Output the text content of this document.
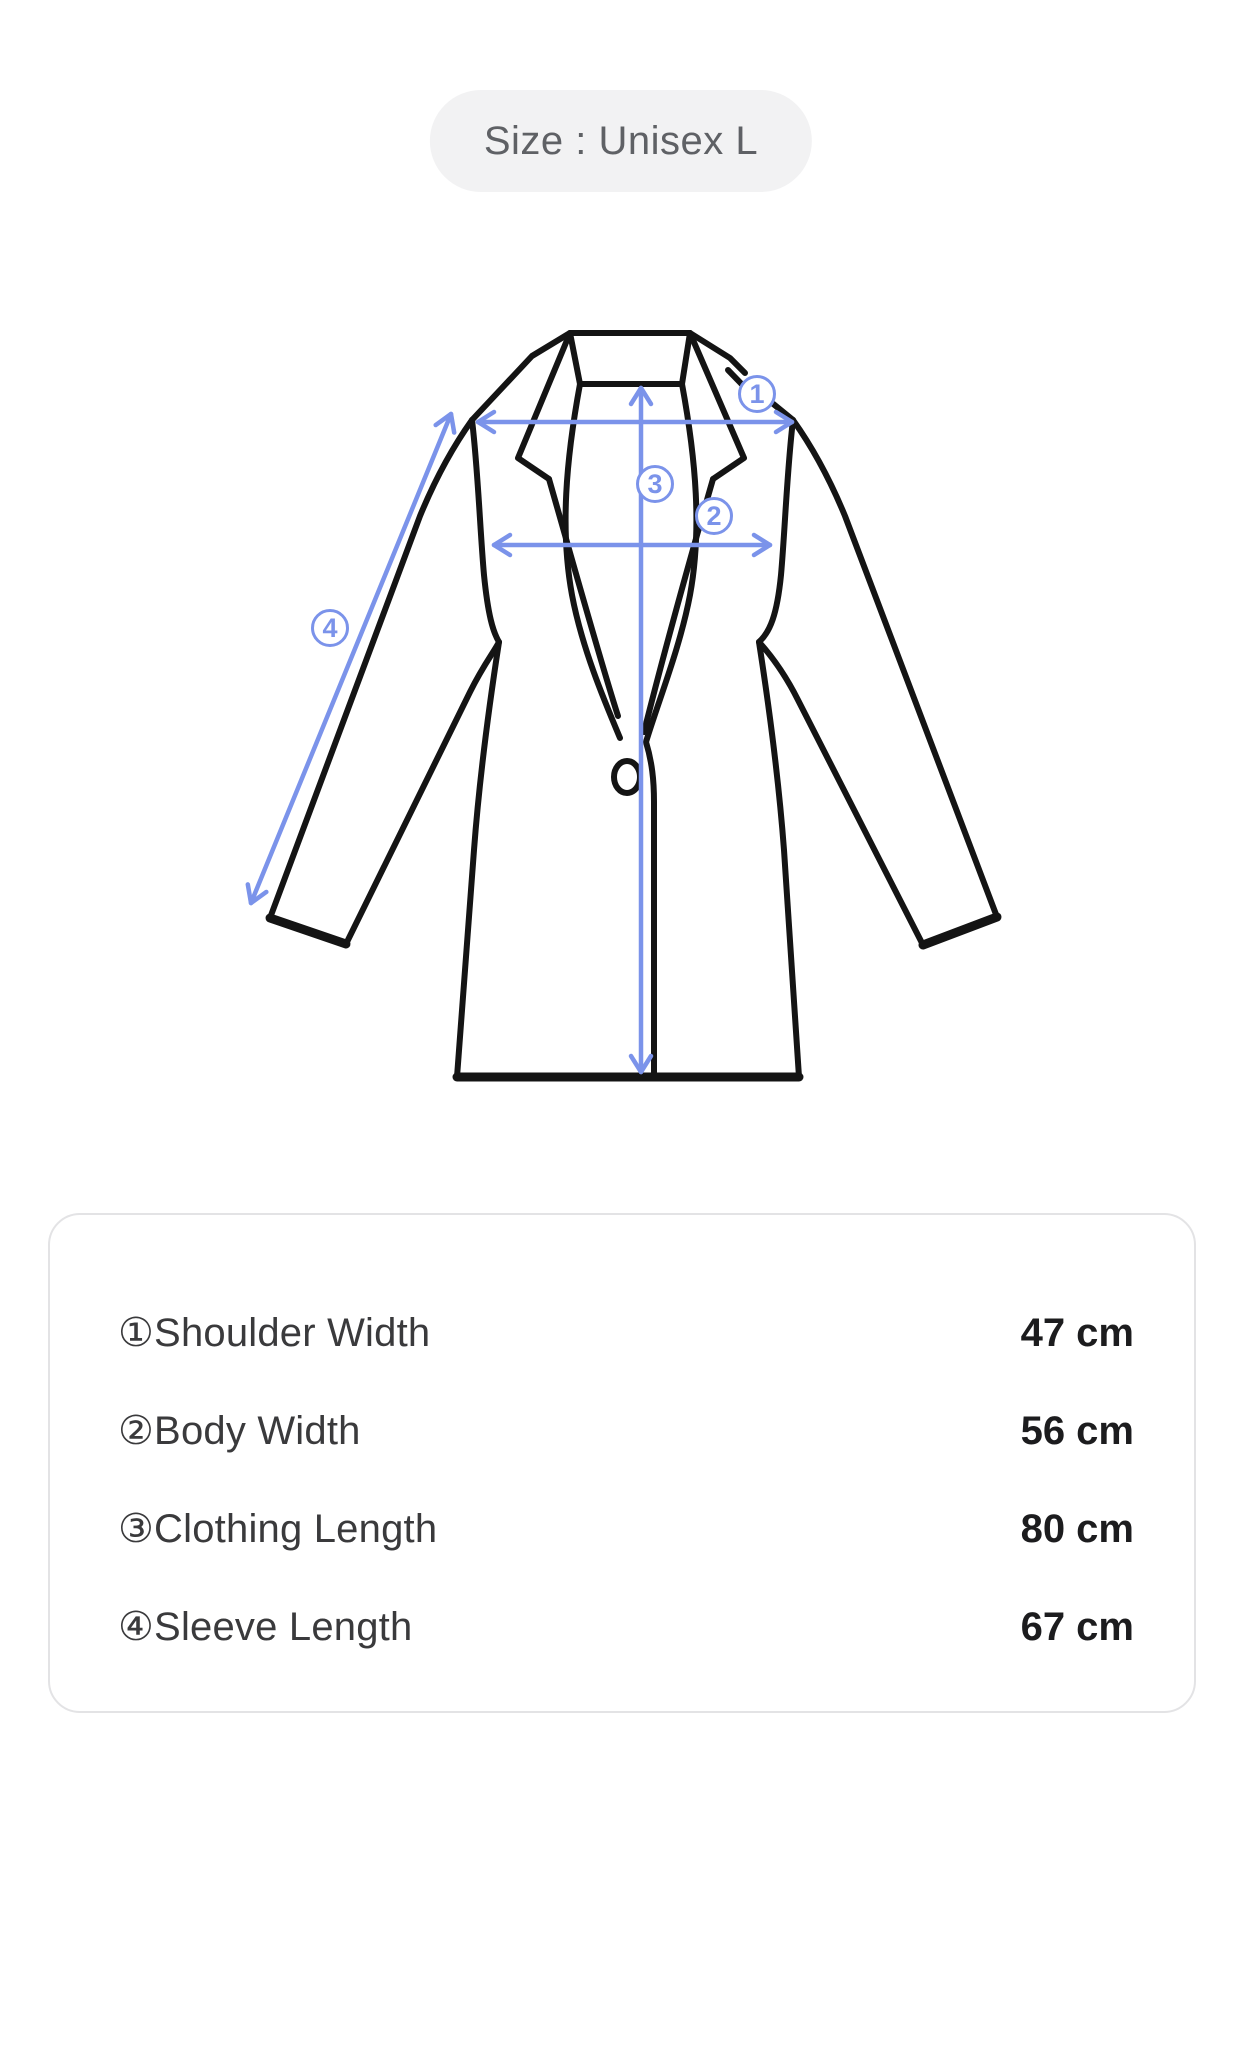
Size : Unisex L
1
2
3
4
①Shoulder Width	47 cm
②Body Width	56 cm
③Clothing Length	80 cm
④Sleeve Length	67 cm
